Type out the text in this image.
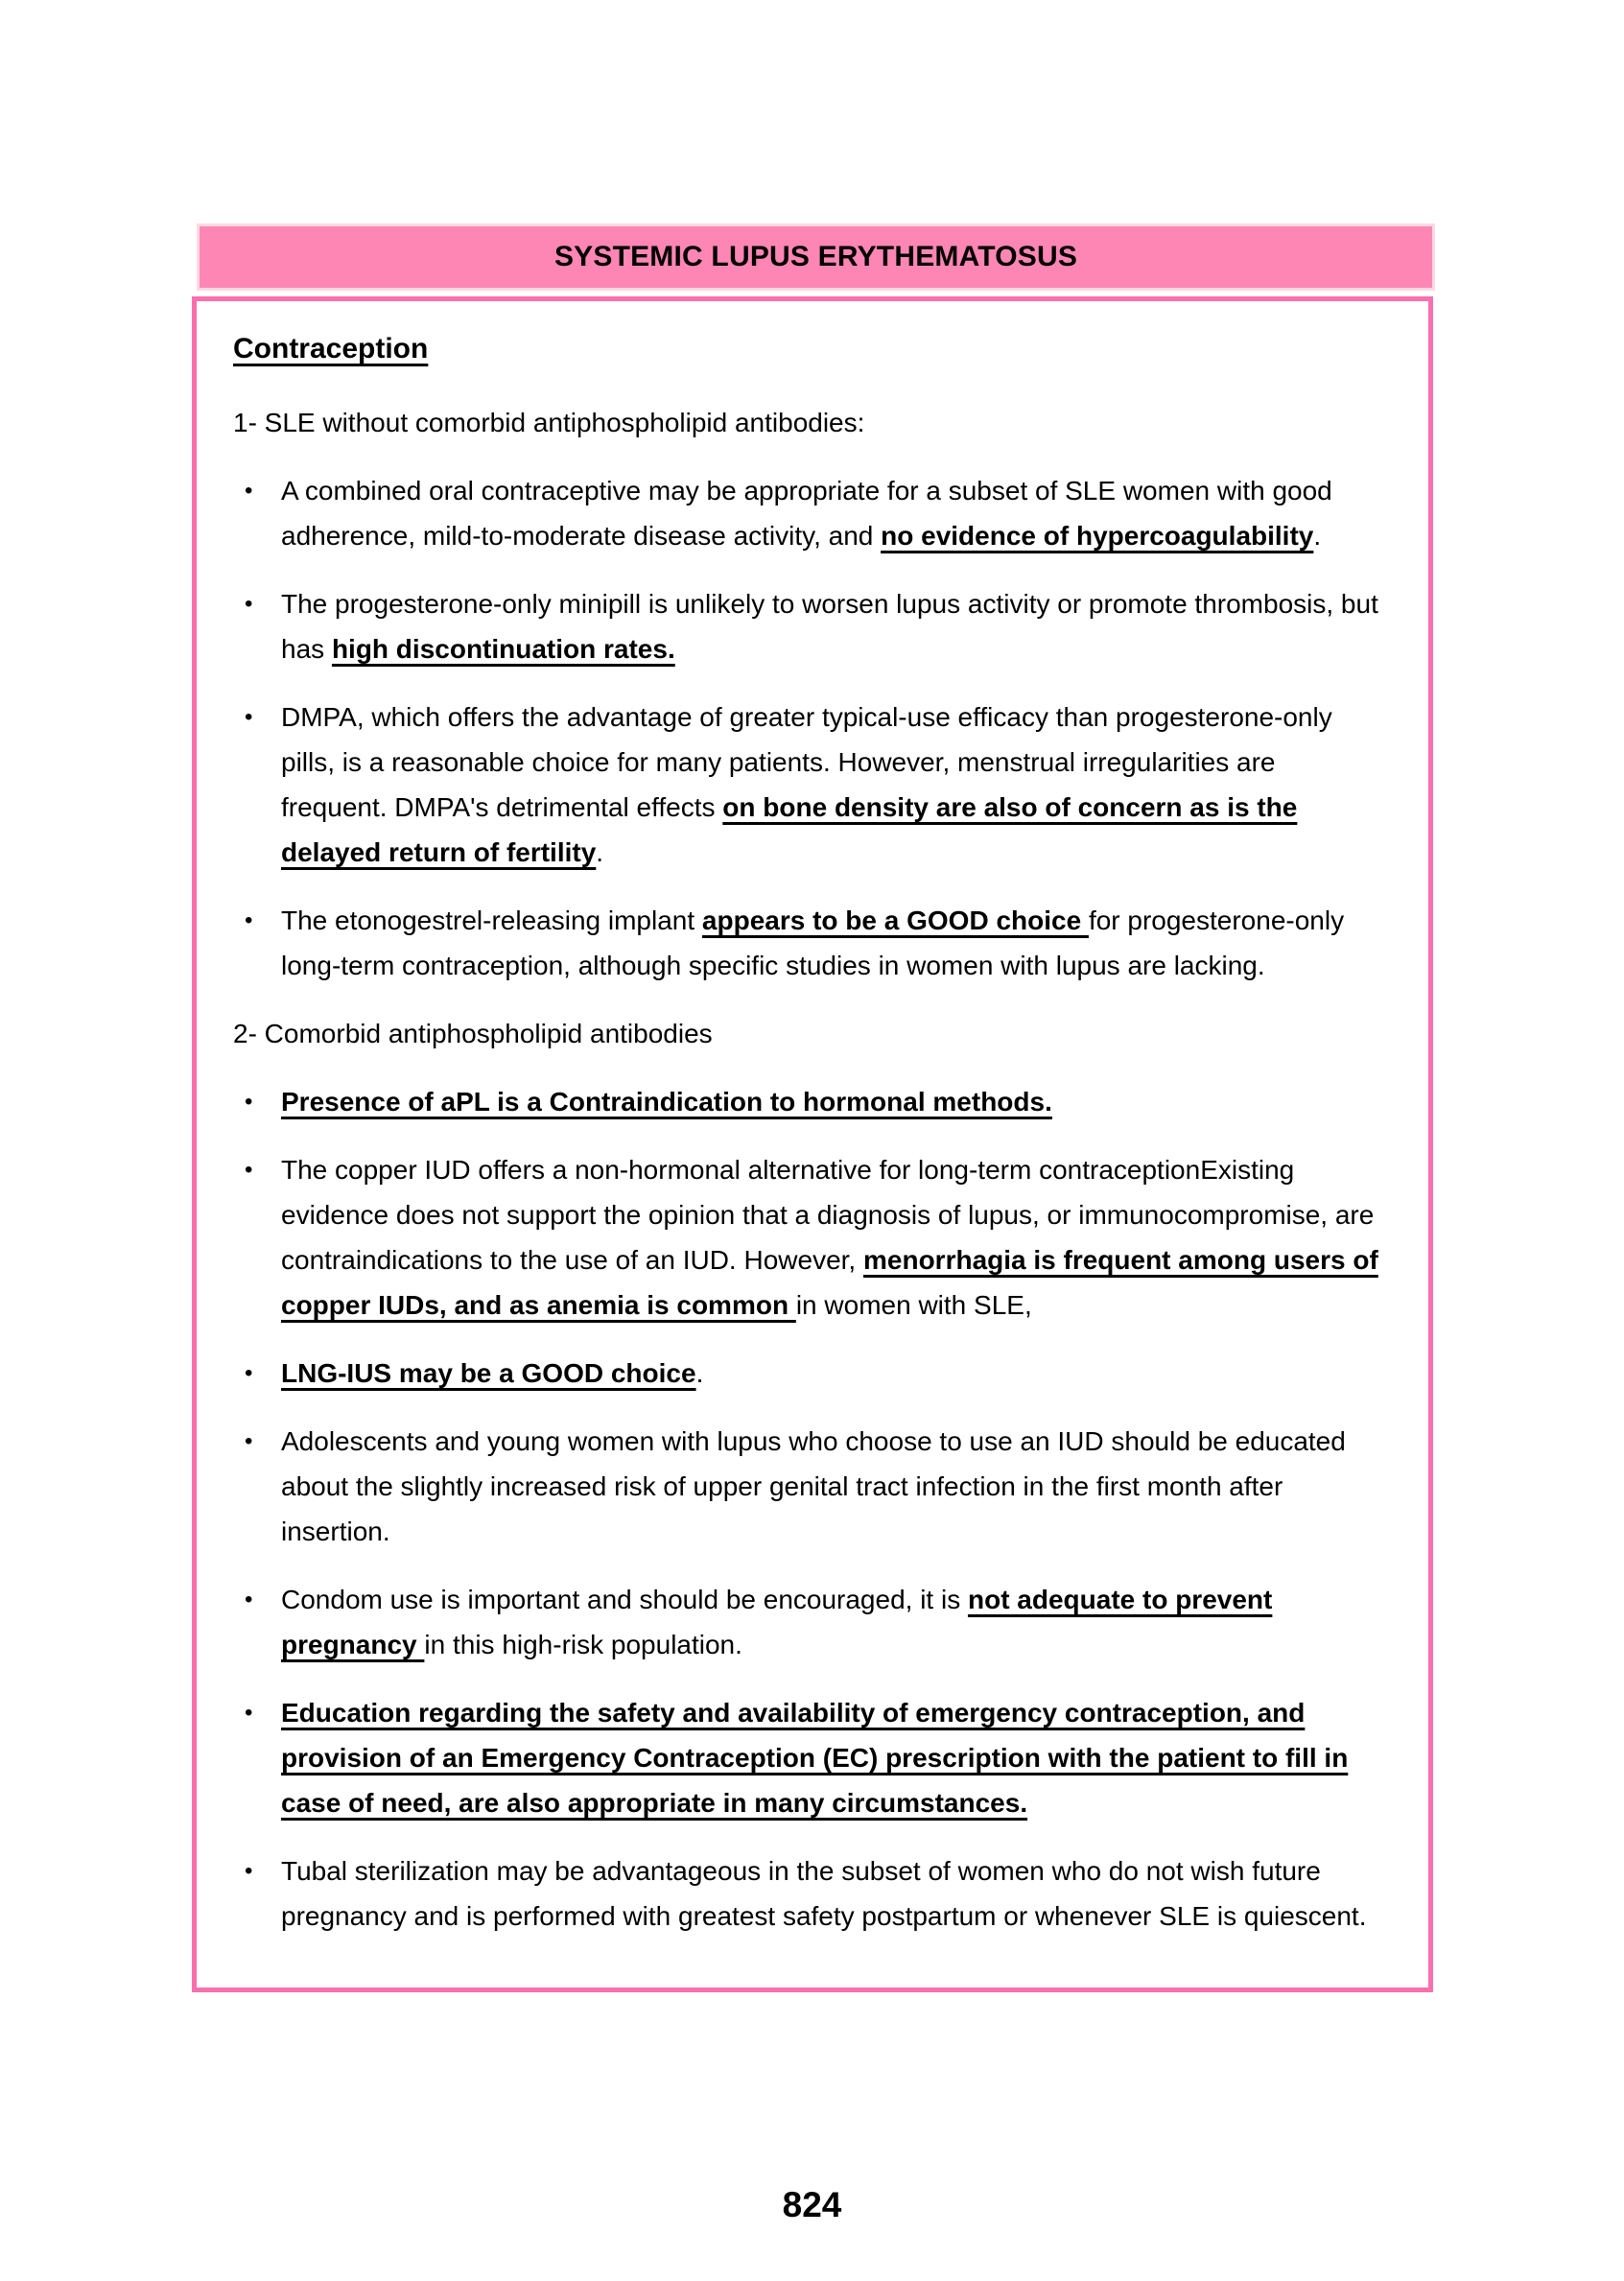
SYSTEMIC LUPUS ERYTHEMATOSUS
Contraception
1- SLE without comorbid antiphospholipid antibodies:
•	A combined oral contraceptive may be appropriate for a subset of SLE women with good adherence, mild-to-moderate disease activity, and no evidence of hypercoagulability.
•	The progesterone-only minipill is unlikely to worsen lupus activity or promote thrombosis, but has high discontinuation rates.
•	DMPA, which offers the advantage of greater typical-use efficacy than progesterone-only pills, is a reasonable choice for many patients. However, menstrual irregularities are frequent. DMPA's detrimental effects on bone density are also of concern as is the delayed return of fertility.
•	The etonogestrel-releasing implant appears to be a GOOD choice for progesterone-only long-term contraception, although specific studies in women with lupus are lacking.
2- Comorbid antiphospholipid antibodies
•	Presence of aPL is a Contraindication to hormonal methods.
•	The copper IUD offers a non-hormonal alternative for long-term contraceptionExisting evidence does not support the opinion that a diagnosis of lupus, or immunocompromise, are contraindications to the use of an IUD. However, menorrhagia is frequent among users of copper IUDs, and as anemia is common in women with SLE,
•	LNG-IUS may be a GOOD choice.
•	Adolescents and young women with lupus who choose to use an IUD should be educated about the slightly increased risk of upper genital tract infection in the first month after insertion.
•	Condom use is important and should be encouraged, it is not adequate to prevent pregnancy in this high-risk population.
•	Education regarding the safety and availability of emergency contraception, and provision of an Emergency Contraception (EC) prescription with the patient to fill in case of need, are also appropriate in many circumstances.
•	Tubal sterilization may be advantageous in the subset of women who do not wish future pregnancy and is performed with greatest safety postpartum or whenever SLE is quiescent.
824
